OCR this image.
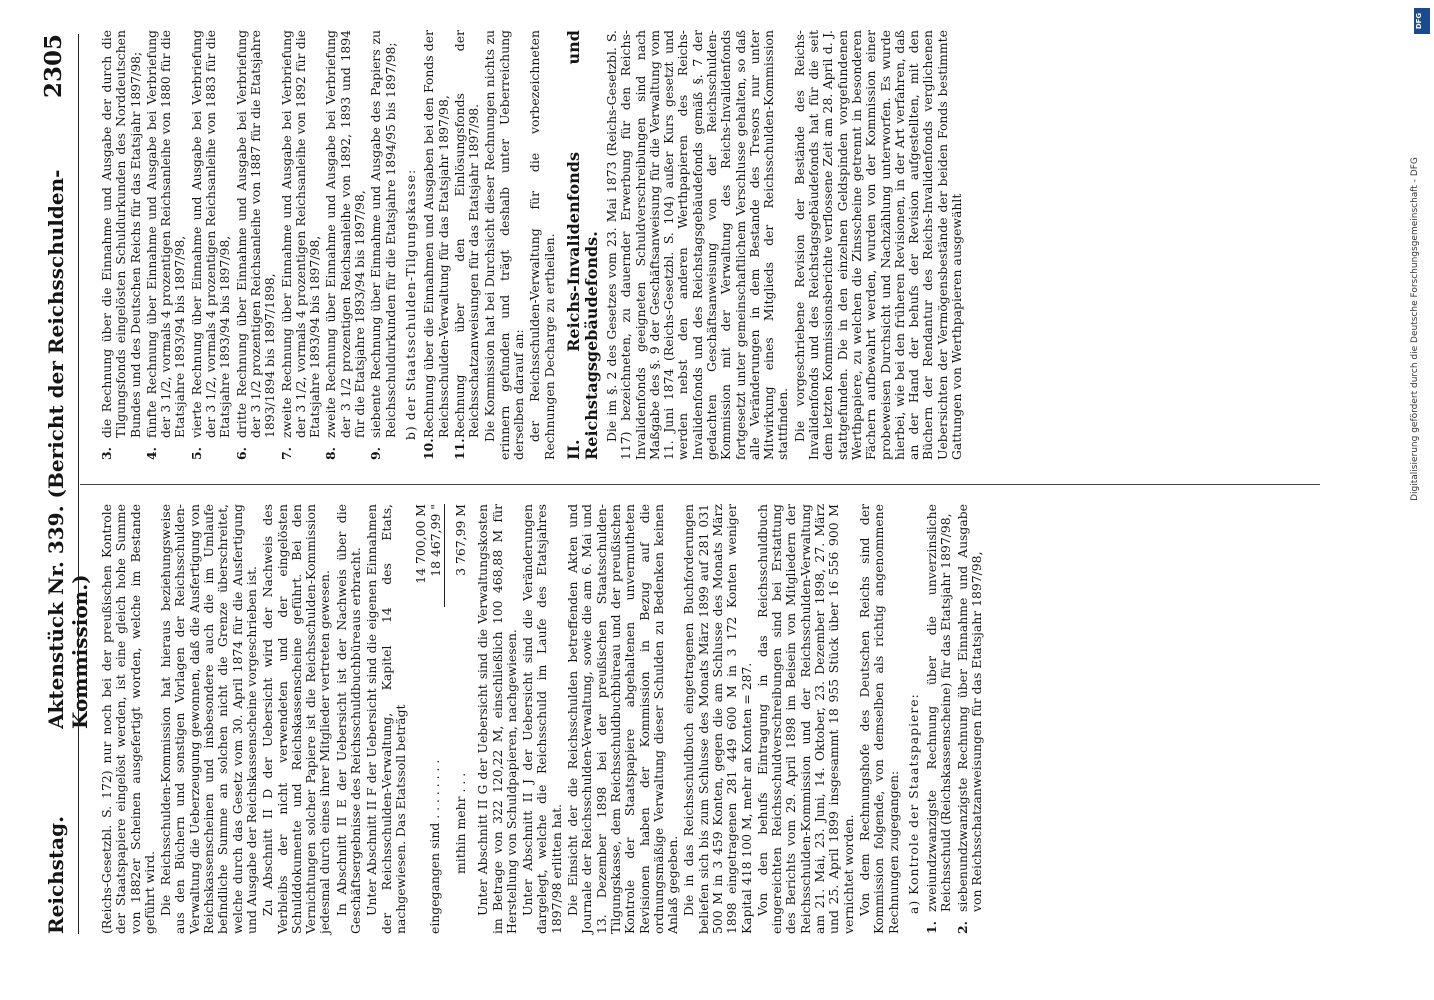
Reichstag.
Aktenstück Nr. 339. (Bericht der Reichsschulden-Kommission.)
2305

(Reichs-Gesetzbl. S. 172) nur noch bei der preußischen Kontrole der Staatspapiere eingelöst werden, ist eine gleich hohe Summe von 1882er Scheinen ausgefertigt worden, welche im Bestande geführt wird. Die Reichsschulden-Kommission hat hieraus beziehungsweise aus den Büchern und sonstigen Vorlagen der Reichsschulden-Verwaltung die Ueberzeugung gewonnen, daß die Ausfertigung von Reichskassenscheinen und insbesondere auch die im Umlaufe befindliche Summe an solchen nicht die Grenze überschreitet, welche durch das Gesetz vom 30. April 1874 für die Ausfertigung und Ausgabe der Reichskassenscheine vorgeschrieben ist. Zu Abschnitt II D der Uebersicht wird der Nachweis des Verbleibs der nicht verwendeten und der eingelösten Schulddokumente und Reichskassenscheine geführt. Bei den Vernichtungen solcher Papiere ist die Reichsschulden-Kommission jedesmal durch eines ihrer Mitglieder vertreten gewesen. In Abschnitt II E der Uebersicht ist der Nachweis über die Geschäftsergebnisse des Reichsschuldbuchbüreaus erbracht. Unter Abschnitt II F der Uebersicht sind die eigenen Einnahmen der Reichsschulden-Verwaltung, Kapitel 14 des Etats, nachgewiesen. Das Etatssoll beträgt eingegangen sind . . . . . . . .
14 700,00 M 18 467,99 "
mithin mehr . . .
3 767,99 M Unter Abschnitt II G der Uebersicht sind die Verwaltungskosten im Betrage von 322 120,22 M, einschließlich 100 468,88 M für Herstellung von Schuldpapieren, nachgewiesen. Unter Abschnitt II J der Uebersicht sind die Veränderungen dargelegt, welche die Reichsschuld im Laufe des Etatsjahres 1897/98 erlitten hat. Die Einsicht der die Reichsschulden betreffenden Akten und Journale der Reichsschulden-Verwaltung, sowie die am 6. Mai und 13. Dezember 1898 bei der preußischen Staatsschulden-Tilgungskasse, dem Reichsschuldbuchbüreau und der preußischen Kontrole der Staatspapiere abgehaltenen unvermutheten Revisionen haben der Kommission in Bezug auf die ordnungsmäßige Verwaltung dieser Schulden zu Bedenken keinen Anlaß gegeben. Die in das Reichsschuldbuch eingetragenen Buchforderungen beliefen sich bis zum Schlusse des Monats März 1899 auf 281 031 500 M in 3 459 Konten, gegen die am Schlusse des Monats März 1898 eingetragenen 281 449 600 M in 3 172 Konten weniger Kapital 418 100 M, mehr an Konten = 287. Von den behufs Eintragung in das Reichsschuldbuch eingereichten Reichsschuldverschreibungen sind bei Erstattung des Berichts vom 29. April 1898 im Beisein von Mitgliedern der Reichsschulden-Kommission und der Reichsschulden-Verwaltung am 21. Mai, 23. Juni, 14. Oktober, 23. Dezember 1898, 27. März und 25. April 1899 insgesammt 18 955 Stück über 16 556 900 M vernichtet worden. Von dem Rechnungshofe des Deutschen Reichs sind der Kommission folgende, von demselben als richtig angenommene Rechnungen zugegangen: a) Kontrole der Staatspapiere:
1.
zweiundzwanzigste Rechnung über die unverzinsliche Reichsschuld (Reichskassenscheine) für das Etatsjahr 1897/98,
2.
siebenundzwanzigste Rechnung über Einnahme und Ausgabe von Reichsschatzanweisungen für das Etatsjahr 1897/98,
3.
die Rechnung über die Einnahme und Ausgabe der durch die Tilgungsfonds eingelösten Schuldurkunden des Norddeutschen Bundes und des Deutschen Reichs für das Etatsjahr 1897/98;
4.
fünfte Rechnung über Einnahme und Ausgabe bei Verbriefung der 3 1/2, vormals 4 prozentigen Reichsanleihe von 1880 für die Etatsjahre 1893/94 bis 1897/98,
5.
vierte Rechnung über Einnahme und Ausgabe bei Verbriefung der 3 1/2, vormals 4 prozentigen Reichsanleihe von 1883 für die Etatsjahre 1893/94 bis 1897/98,
6.
dritte Rechnung über Einnahme und Ausgabe bei Verbriefung der 3 1/2 prozentigen Reichsanleihe von 1887 für die Etatsjahre 1893/1894 bis 1897/1898,
7.
zweite Rechnung über Einnahme und Ausgabe bei Verbriefung der 3 1/2, vormals 4 prozentigen Reichsanleihe von 1892 für die Etatsjahre 1893/94 bis 1897/98,
8.
zweite Rechnung über Einnahme und Ausgabe bei Verbriefung der 3 1/2 prozentigen Reichsanleihe von 1892, 1893 und 1894 für die Etatsjahre 1893/94 bis 1897/98,
9.
siebente Rechnung über Einnahme und Ausgabe des Papiers zu Reichsschuldurkunden für die Etatsjahre 1894/95 bis 1897/98; b) der Staatsschulden-Tilgungskasse:
10.
Rechnung über die Einnahmen und Ausgaben bei den Fonds der Reichsschulden-Verwaltung für das Etatsjahr 1897/98,
11.
Rechnung über den Einlösungsfonds der Reichsschatzanweisungen für das Etatsjahr 1897/98. Die Kommission hat bei Durchsicht dieser Rechnungen nichts zu erinnern gefunden und trägt deshalb unter Ueberreichung derselben darauf an: der Reichsschulden-Verwaltung für die vorbezeichneten Rechnungen Decharge zu ertheilen. II. Reichs-Invalidenfonds und Reichstagsgebäudefonds. Die im §. 2 des Gesetzes vom 23. Mai 1873 (Reichs-Gesetzbl. S. 117) bezeichneten, zu dauernder Erwerbung für den Reichs-Invalidenfonds geeigneten Schuldverschreibungen sind nach Maßgabe des §. 9 der Geschäftsanweisung für die Verwaltung vom 11. Juni 1874 (Reichs-Gesetzbl. S. 104) außer Kurs gesetzt und werden nebst den anderen Werthpapieren des Reichs-Invalidenfonds und des Reichstagsgebäudefonds gemäß §. 7 der gedachten Geschäftsanweisung von der Reichsschulden-Kommission mit der Verwaltung des Reichs-Invalidenfonds fortgesetzt unter gemeinschaftlichem Verschlusse gehalten, so daß alle Veränderungen in dem Bestande des Tresors nur unter Mitwirkung eines Mitglieds der Reichsschulden-Kommission stattfinden. Die vorgeschriebene Revision der Bestände des Reichs-Invalidenfonds und des Reichstagsgebäudefonds hat für die seit dem letzten Kommissionsberichte verflossene Zeit am 28. April d. J. stattgefunden. Die in den einzelnen Geldspinden vorgefundenen Werthpapiere, zu welchen die Zinsscheine getrennt in besonderen Fächern aufbewahrt werden, wurden von der Kommission einer probeweisen Durchsicht und Nachzählung unterworfen. Es wurde hierbei, wie bei den früheren Revisionen, in der Art verfahren, daß an der Hand der behufs der Revision aufgestellten, mit den Büchern der Rendantur des Reichs-Invalidenfonds verglichenen Uebersichten der Vermögensbestände der beiden Fonds bestimmte Gattungen von Werthpapieren ausgewählt	Digitalisierung gefördert durch die Deutsche Forschungsgemeinschaft - DFG
DFG
